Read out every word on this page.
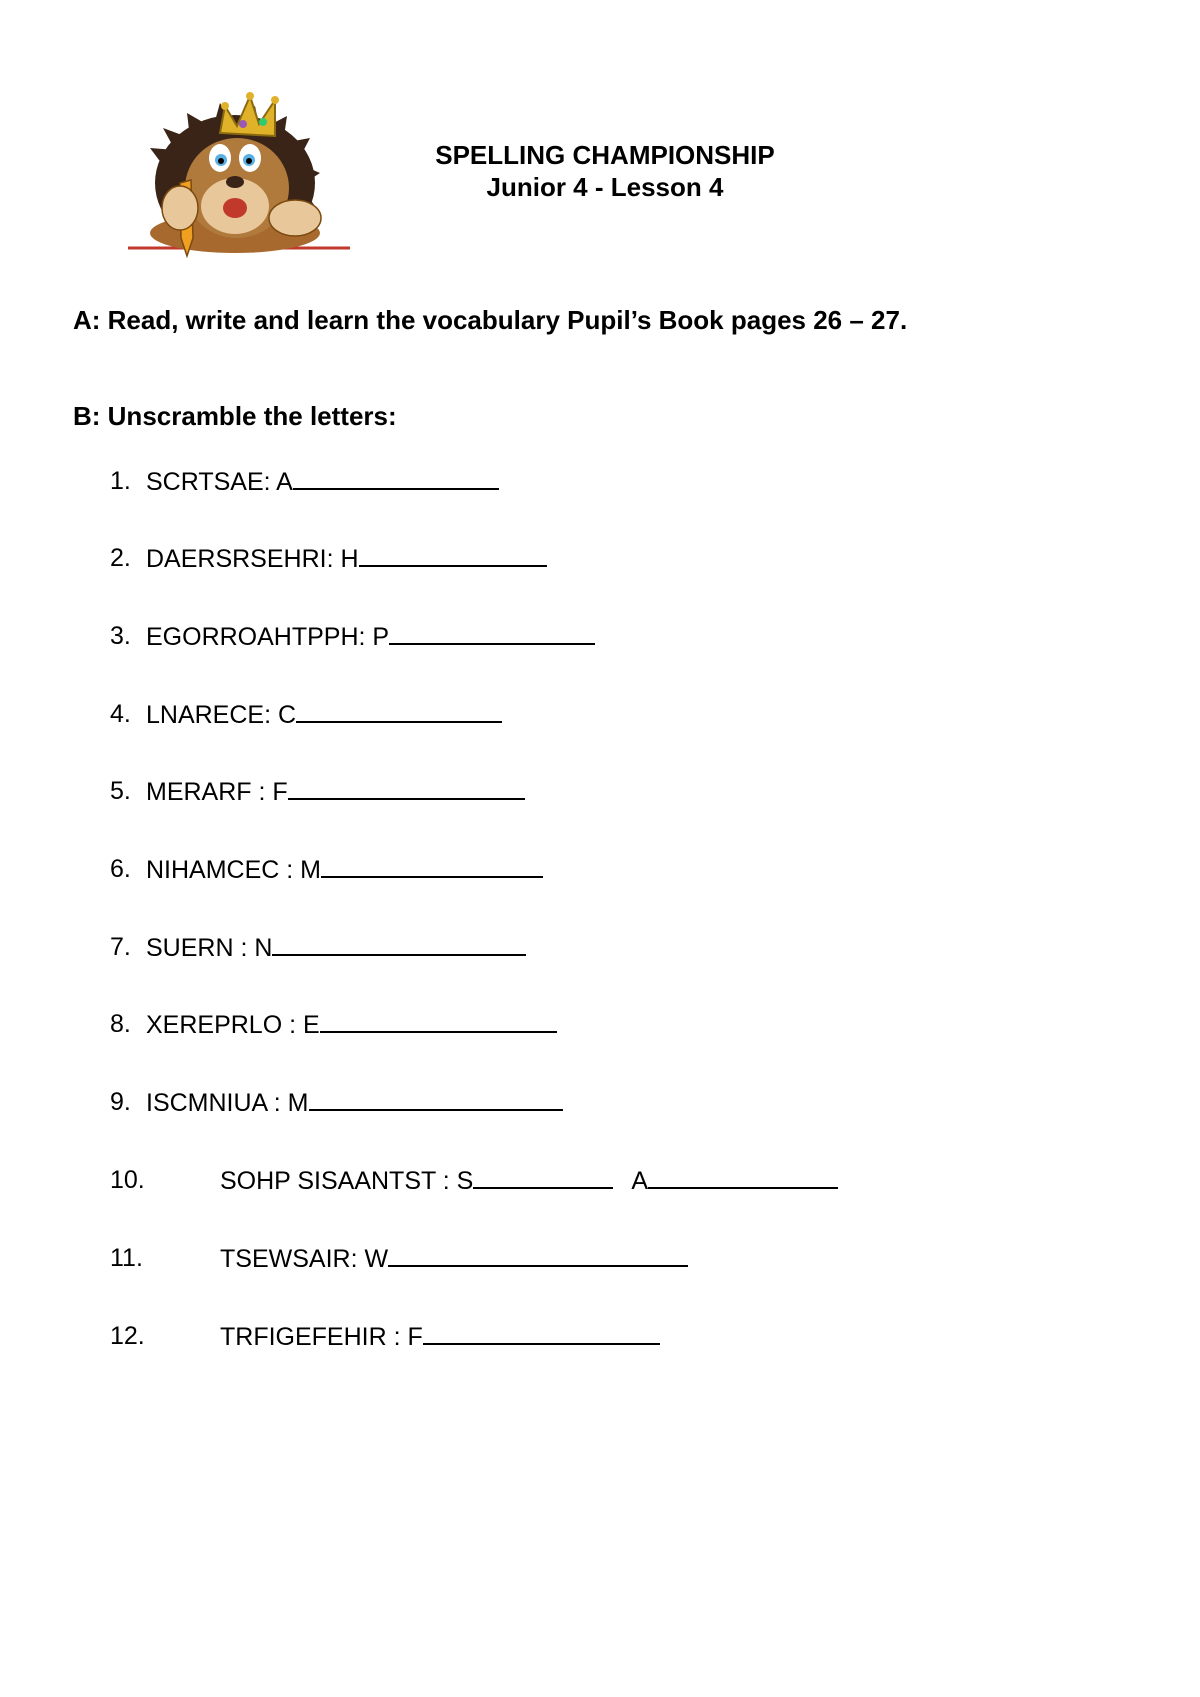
SPELLING CHAMPIONSHIP
Junior 4 - Lesson 4
A: Read, write and learn the vocabulary Pupil’s Book pages 26 – 27.
B: Unscramble the letters:
1. SCRTSAE: A
2. DAERSRSEHRI: H
3. EGORROAHTPPH: P
4. LNARECE: C
5. MERARF : F
6. NIHAMCEC : M
7. SUERN : N
8. XEREPRLO : E
9. ISCMNIUA : M
10.	SOHP SISAANTST : S	A
11.	TSEWSAIR: W
12.	TRFIGEFEHIR : F
